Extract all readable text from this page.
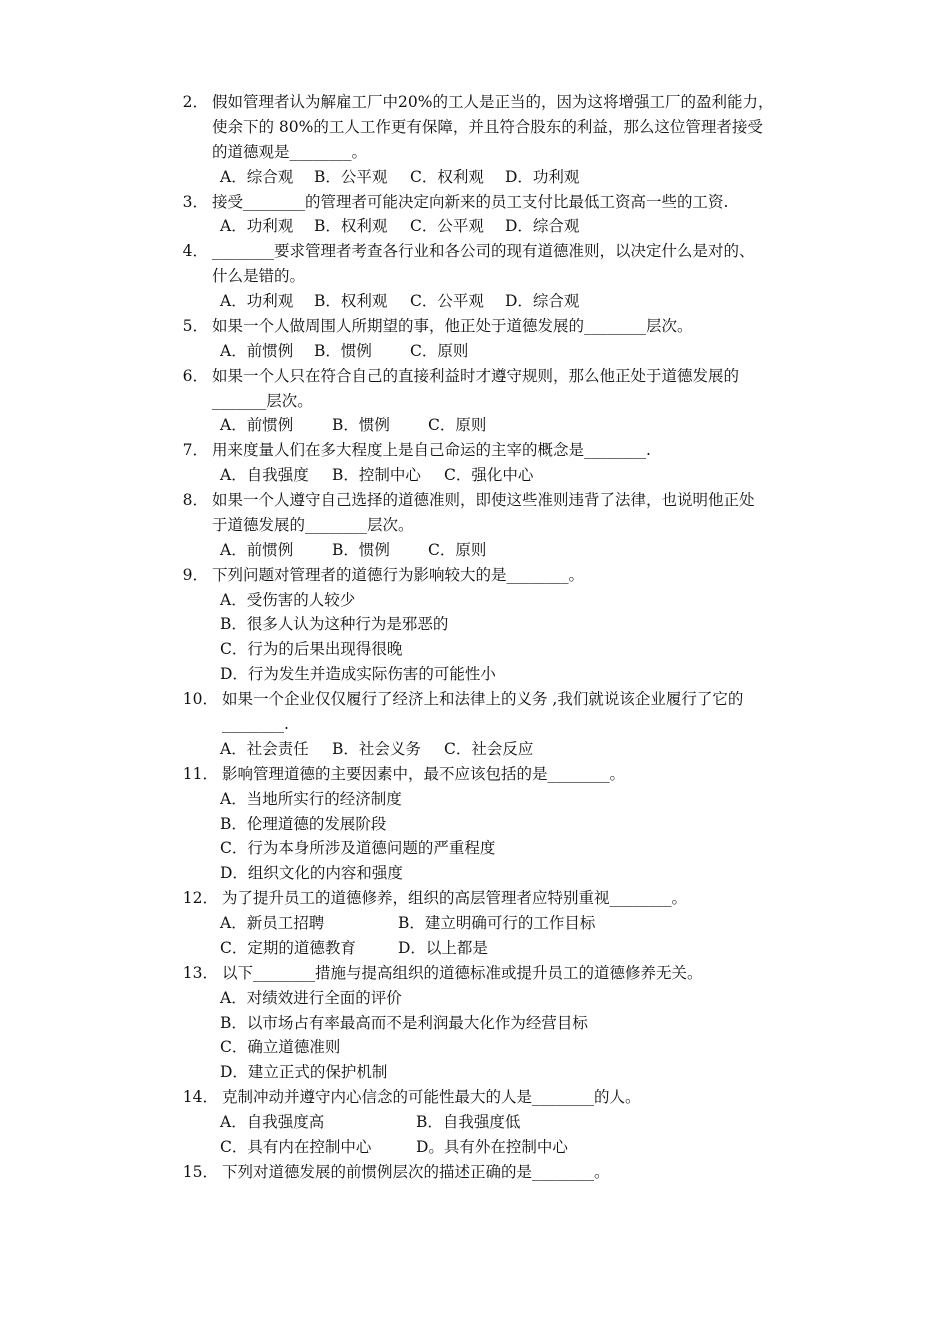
2． 假如管理者认为解雇工厂中20%的工人是正当的，因为这将增强工厂的盈利能力，
使余下的 80%的工人工作更有保障，并且符合股东的利益，那么这位管理者接受
的道德观是________。
A．综合观 B．公平观 C．权利观 D．功利观
3． 接受________的管理者可能决定向新来的员工支付比最低工资高一些的工资.
A．功利观 B．权利观 C．公平观 D．综合观
4． ________要求管理者考查各行业和各公司的现有道德准则，以决定什么是对的、
什么是错的。
A．功利观 B．权利观 C．公平观 D．综合观
5． 如果一个人做周围人所期望的事，他正处于道德发展的________层次。
A．前惯例 B．惯例 C．原则
6． 如果一个人只在符合自己的直接利益时才遵守规则，那么他正处于道德发展的
_______层次。
A．前惯例	B．惯例 C．原则
7． 用来度量人们在多大程度上是自己命运的主宰的概念是________.
A．自我强度 B．控制中心 C．强化中心
8． 如果一个人遵守自己选择的道德准则，即使这些准则违背了法律，也说明他正处
于道德发展的________层次。
A．前惯例	B．惯例 C．原则
9． 下列问题对管理者的道德行为影响较大的是________。
A．受伤害的人较少
B．很多人认为这种行为是邪恶的
C．行为的后果出现得很晚
D．行为发生并造成实际伤害的可能性小
10． 如果一个企业仅仅履行了经济上和法律上的义务 ,我们就说该企业履行了它的
________.
A．社会责任 B．社会义务 C．社会反应
11． 影响管理道德的主要因素中，最不应该包括的是________。
A．当地所实行的经济制度
B．伦理道德的发展阶段
C．行为本身所涉及道德问题的严重程度
D．组织文化的内容和强度
12． 为了提升员工的道德修养，组织的高层管理者应特别重视________。
A．新员工招聘	B．建立明确可行的工作目标
C．定期的道德教育	D．以上都是
13． 以下________措施与提高组织的道德标准或提升员工的道德修养无关。
A．对绩效进行全面的评价
B．以市场占有率最高而不是利润最大化作为经营目标
C．确立道德准则
D．建立正式的保护机制
14． 克制冲动并遵守内心信念的可能性最大的人是________的人。
A．自我强度高	B．自我强度低
C．具有内在控制中心	D。具有外在控制中心
15． 下列对道德发展的前惯例层次的描述正确的是________。
